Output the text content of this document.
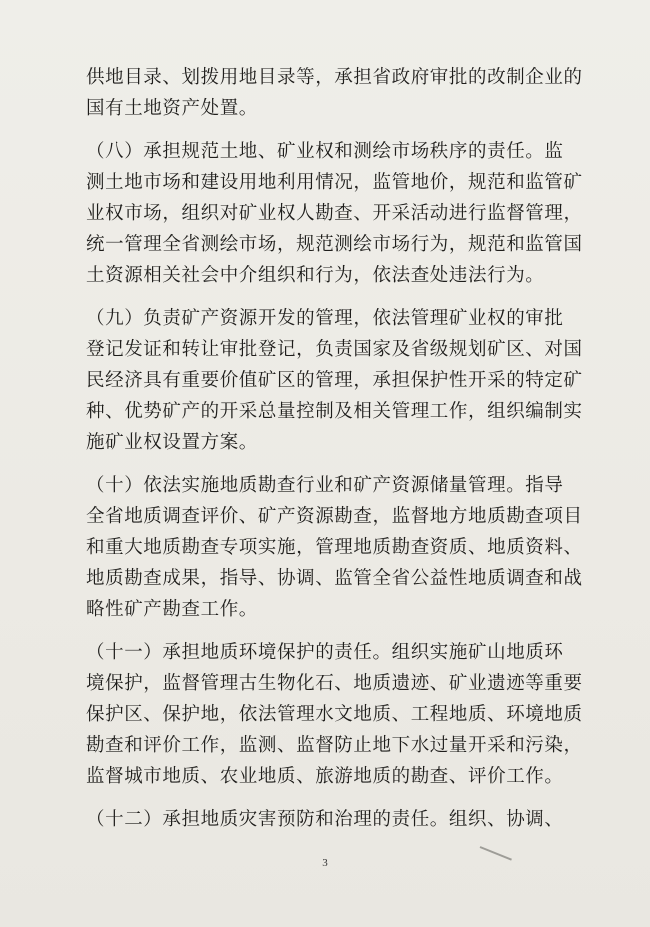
供地目录、划拨用地目录等，承担省政府审批的改制企业的
国有土地资产处置。
（八）承担规范土地、矿业权和测绘市场秩序的责任。监
测土地市场和建设用地利用情况，监管地价，规范和监管矿
业权市场，组织对矿业权人勘查、开采活动进行监督管理，
统一管理全省测绘市场，规范测绘市场行为，规范和监管国
土资源相关社会中介组织和行为，依法查处违法行为。
（九）负责矿产资源开发的管理，依法管理矿业权的审批
登记发证和转让审批登记，负责国家及省级规划矿区、对国
民经济具有重要价值矿区的管理，承担保护性开采的特定矿
种、优势矿产的开采总量控制及相关管理工作，组织编制实
施矿业权设置方案。
（十）依法实施地质勘查行业和矿产资源储量管理。指导
全省地质调查评价、矿产资源勘查，监督地方地质勘查项目
和重大地质勘查专项实施，管理地质勘查资质、地质资料、
地质勘查成果，指导、协调、监管全省公益性地质调查和战
略性矿产勘查工作。
（十一）承担地质环境保护的责任。组织实施矿山地质环
境保护，监督管理古生物化石、地质遗迹、矿业遗迹等重要
保护区、保护地，依法管理水文地质、工程地质、环境地质
勘查和评价工作，监测、监督防止地下水过量开采和污染，
监督城市地质、农业地质、旅游地质的勘查、评价工作。
（十二）承担地质灾害预防和治理的责任。组织、协调、
3
